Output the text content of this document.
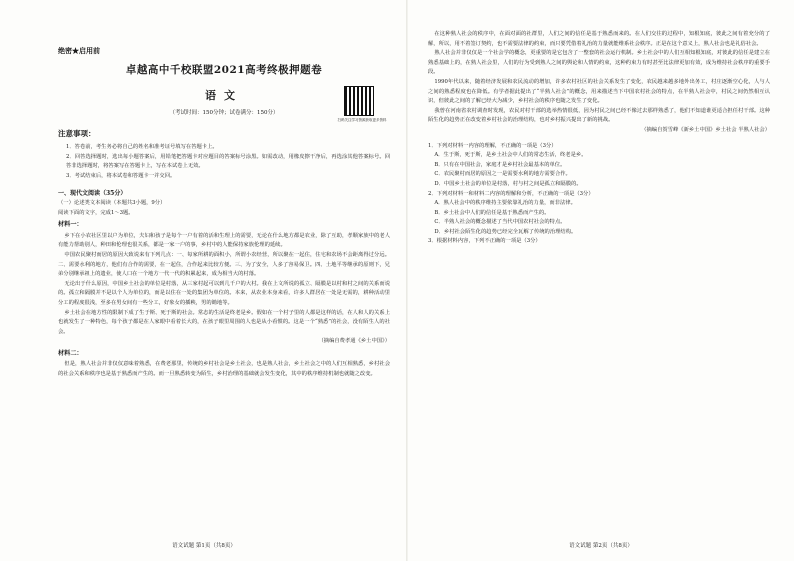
绝密★启用前
卓越高中千校联盟2021高考终极押题卷
语文
（考试时间：150分钟；试卷满分：150分）
注意事项：
1．答卷前，考生务必将自己的姓名和准考证号填写在答题卡上。
2．回答选择题时，选出每小题答案后，用铅笔把答题卡对应题目的答案标号涂黑。如需改动，用橡皮擦干净后，再选涂其他答案标号。回答非选择题时，将答案写在答题卡上，写在本试卷上无效。
3．考试结束后，将本试卷和答题卡一并交回。

一、现代文阅读（35分）

（一）论述类文本阅读（本题共3小题，9分）

阅读下面的文字，完成1～3题。

材料一：

乡下在小农社区里以户为单位，夫妇和孩子是每个一户有着的活和生理上的需要，无论在什么地方都是农业，除了互助，孝顺家族中的老人有能力帮助别人，种田和伦理也很关系，都是一家一户的事，乡村中的人能保持家族伦理的延续。

中国农民聚村而居的原因大致说来有下列几点：一、每家所耕的面积小，所谓小农经营，所以聚在一起住，住宅和农场不会距离得过分远。二、需要水利的地方，他们有合作的需要，在一起住，合作起来比较方便。三、为了安全，人多了容易保卫。四、土地平等继承的原则下，兄弟分别继承祖上的遗业，使人口在一个地方一代一代的积累起来，成为相当大的村落。

无论出于什么原因，中国乡土社会的单位是村落，从三家村起可以到几千户的大村。我在上文所说的孤立、隔膜是以村和村之间的关系而说的。孤立和隔膜并不是以个人为单位的，而是以住在一处的集团为单位的。本来，从农业本身来看，许多人群居在一处是无需的，耕种活动里分工的程度很浅，至多在男女间有一些分工，好象女的插秧，男的锄地等。

乡土社会在地方性的限制下成了生于斯、死于斯的社会。常态的生活是终老是乡。假如在一个村子里的人都是这样的话，在人和人的关系上也就发生了一种特色，每个孩子都是在人家眼中看着长大的，在孩子眼里周围的人也是从小看惯的。这是一个“熟悉”的社会，没有陌生人的社会。

（摘编自费孝通《乡土中国》）

材料二：

但是，熟人社会并非仅仅意味着熟悉，在费老那里，传统的乡村社会是乡土社会，也是熟人社会，乡土社会之中的人们互相熟悉，乡村社会的社会关系和秩序也是基于熟悉而产生的。而一旦熟悉转变为陌生，乡村治理的基础就会发生变化，其中的秩序维持机制也就随之改变。

语文试题 第1页（共8页）
扫码关注学习资源获取更多资料

在这种熟人社会的秩序中，在面对面的社群里，人们之间的信任是基于熟悉而来的。在人们交往的过程中，知根知底，彼此之间有着充分的了解，所以，用不着签订契约，也不需要法律的约束，而只要凭借着礼治的力量就能维系社会秩序。正是在这个意义上，熟人社会也是礼俗社会。

熟人社会并非仅仅是一个社会学的概念，更重要的是它包含了一整套的社会运行机制。乡土社会中的人们互相知根知底，对彼此的信任是建立在熟悉基础上的，在熟人社会里，人们的行为受到熟人之间的舆论和人情的约束，这种约束力有时甚至比法律更加有效，成为维持社会秩序的重要手段。

1990年代以来，随着经济发展和农民流动的增加，许多农村社区的社会关系发生了变化，农民越来越多地外出务工，村庄逐渐空心化，人与人之间的熟悉程度也在降低。有学者据此提出了“半熟人社会”的概念，用来描述当下中国农村社会的特点，在半熟人社会中，村民之间仍然相互认识，但彼此之间的了解已经大为减少，乡村社会的秩序也随之发生了变化。

我曾在河南省农村调查时发现，农民对村干部的选举热情很低，因为村民之间已经不像过去那样熟悉了，他们不知道谁更适合担任村干部。这种陌生化的趋势正在改变着乡村社会的治理结构，也对乡村振兴提出了新的挑战。

（摘编自贺雪峰《新乡土中国》乡土社会 半熟人社会）

1．下列对材料一内容的理解，不正确的一项是（3分）

A．生于斯，死于斯，是乡土社会中人们的常态生活，终老是乡。

B．只有在中国社会，家庭才是乡村社会最基本的单位。

C．农民聚村而居的原因之一是需要水利的地方需要合作。

D．中国乡土社会的单位是村落，村与村之间是孤立和隔膜的。

2．下列对材料一和材料二内容的理解和分析，不正确的一项是（3分）

A．熟人社会中的秩序维持主要依靠礼治的力量，而非法律。

B．乡土社会中人们的信任是基于熟悉而产生的。

C．半熟人社会的概念描述了当代中国农村社会的特点。

D．乡村社会陌生化的趋势已经完全瓦解了传统的治理结构。

3．根据材料内容，下列不正确的一项是（3分）

语文试题 第2页（共8页）
